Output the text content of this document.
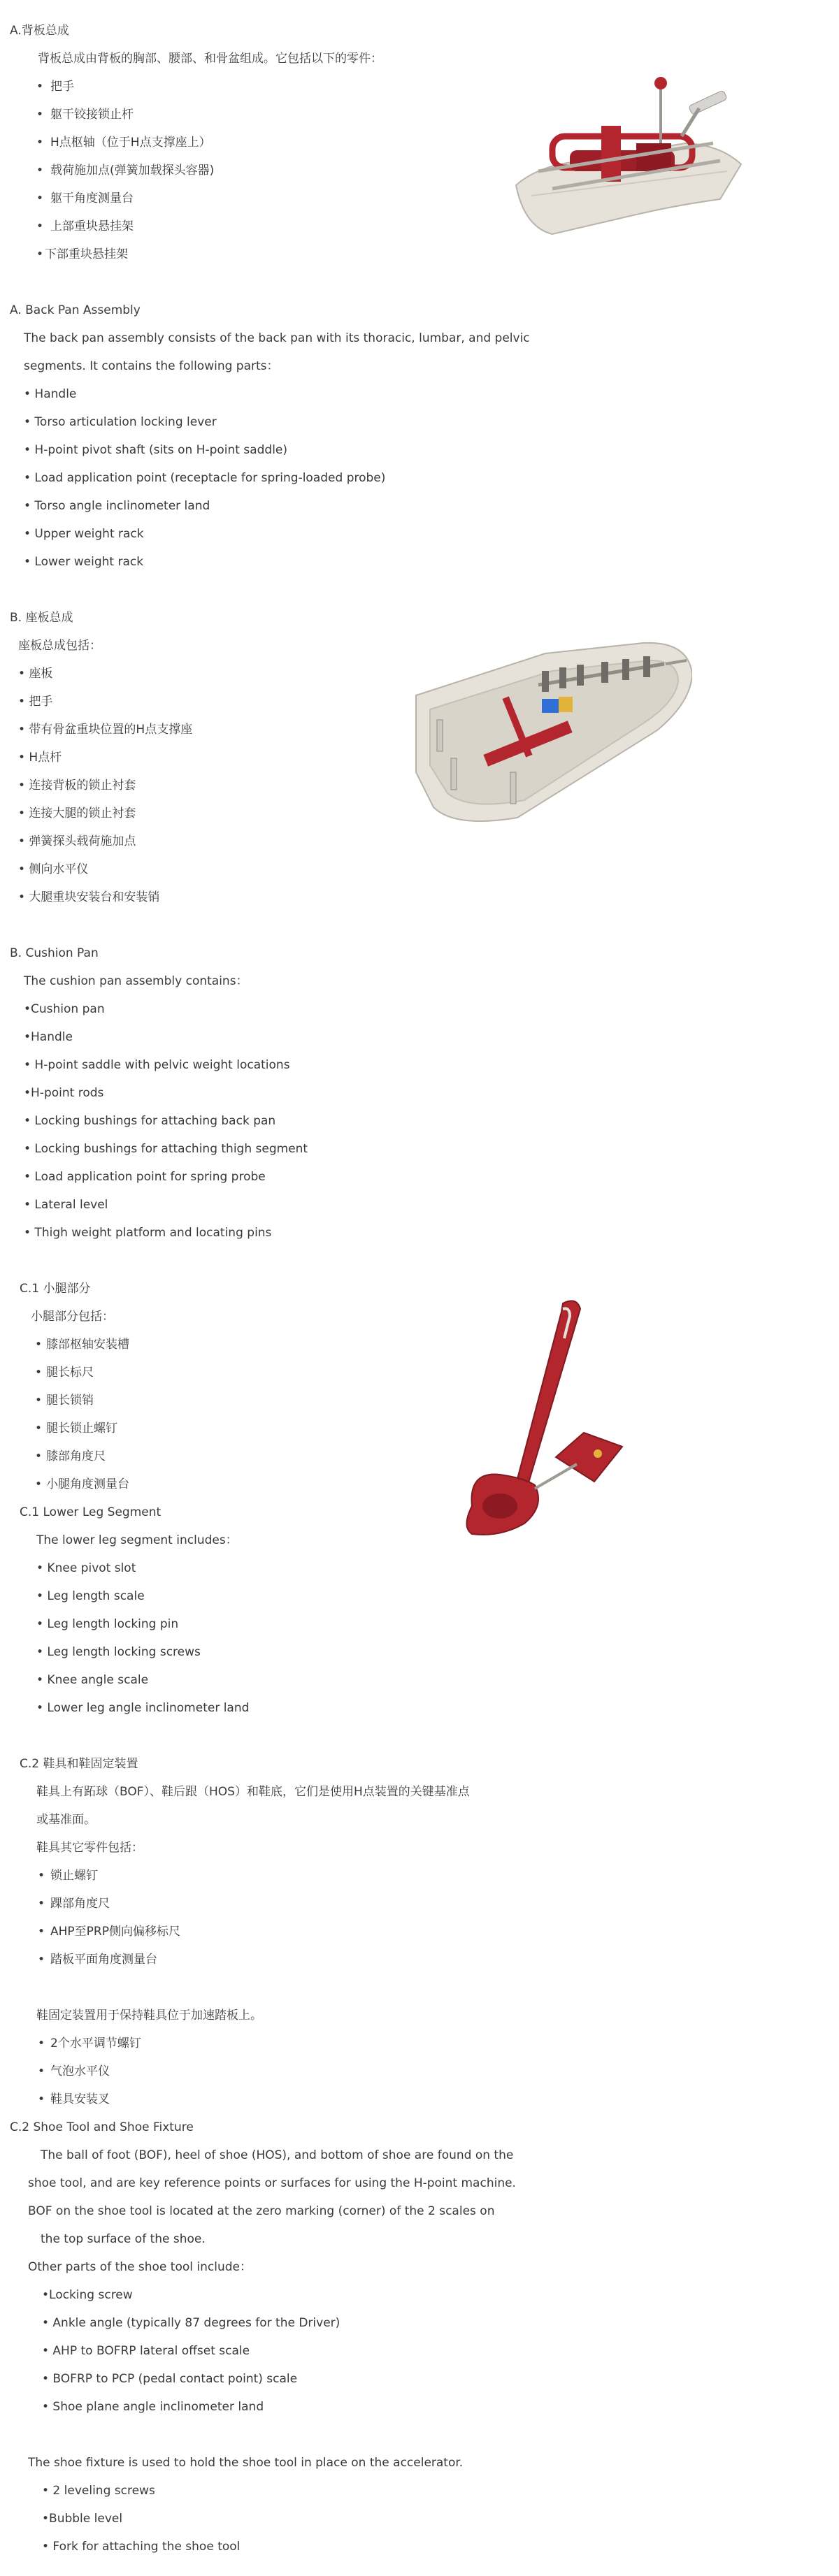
A.背板总成
背板总成由背板的胸部、腰部、和骨盆组成。它包括以下的零件：
• 把手
• 躯干铰接锁止杆
• H点枢轴（位于H点支撑座上）
• 载荷施加点(弹簧加载探头容器)
• 躯干角度测量台
• 上部重块悬挂架
• 下部重块悬挂架
A. Back Pan Assembly
The back pan assembly consists of the back pan with its thoracic, lumbar, and pelvic
segments. It contains the following parts：
• Handle
• Torso articulation locking lever
• H-point pivot shaft (sits on H-point saddle)
• Load application point (receptacle for spring-loaded probe)
• Torso angle inclinometer land
• Upper weight rack
• Lower weight rack
B. 座板总成
座板总成包括：
• 座板
• 把手
• 带有骨盆重块位置的H点支撑座
• H点杆
• 连接背板的锁止衬套
• 连接大腿的锁止衬套
• 弹簧探头载荷施加点
• 侧向水平仪
• 大腿重块安装台和安装销
B. Cushion Pan
The cushion pan assembly contains：
•Cushion pan
•Handle
• H-point saddle with pelvic weight locations
•H-point rods
• Locking bushings for attaching back pan
• Locking bushings for attaching thigh segment
• Load application point for spring probe
• Lateral level
• Thigh weight platform and locating pins
C.1 小腿部分
小腿部分包括：
• 膝部枢轴安装槽
• 腿长标尺
• 腿长锁销
• 腿长锁止螺钉
• 膝部角度尺
• 小腿角度测量台
C.1 Lower Leg Segment
The lower leg segment includes：
• Knee pivot slot
• Leg length scale
• Leg length locking pin
• Leg length locking screws
• Knee angle scale
• Lower leg angle inclinometer land
C.2 鞋具和鞋固定装置
鞋具上有跖球（BOF）、鞋后跟（HOS）和鞋底，它们是使用H点装置的关键基准点
或基准面。
鞋具其它零件包括：
• 锁止螺钉
• 踝部角度尺
• AHP至PRP侧向偏移标尺
• 踏板平面角度测量台
鞋固定装置用于保持鞋具位于加速踏板上。
• 2个水平调节螺钉
• 气泡水平仪
• 鞋具安装叉
C.2 Shoe Tool and Shoe Fixture
The ball of foot (BOF), heel of shoe (HOS), and bottom of shoe are found on the
shoe tool, and are key reference points or surfaces for using the H-point machine.
BOF on the shoe tool is located at the zero marking (corner) of the 2 scales on
the top surface of the shoe.
Other parts of the shoe tool include：
•Locking screw
• Ankle angle (typically 87 degrees for the Driver)
• AHP to BOFRP lateral offset scale
• BOFRP to PCP (pedal contact point) scale
• Shoe plane angle inclinometer land
The shoe fixture is used to hold the shoe tool in place on the accelerator.
• 2 leveling screws
•Bubble level
• Fork for attaching the shoe tool
